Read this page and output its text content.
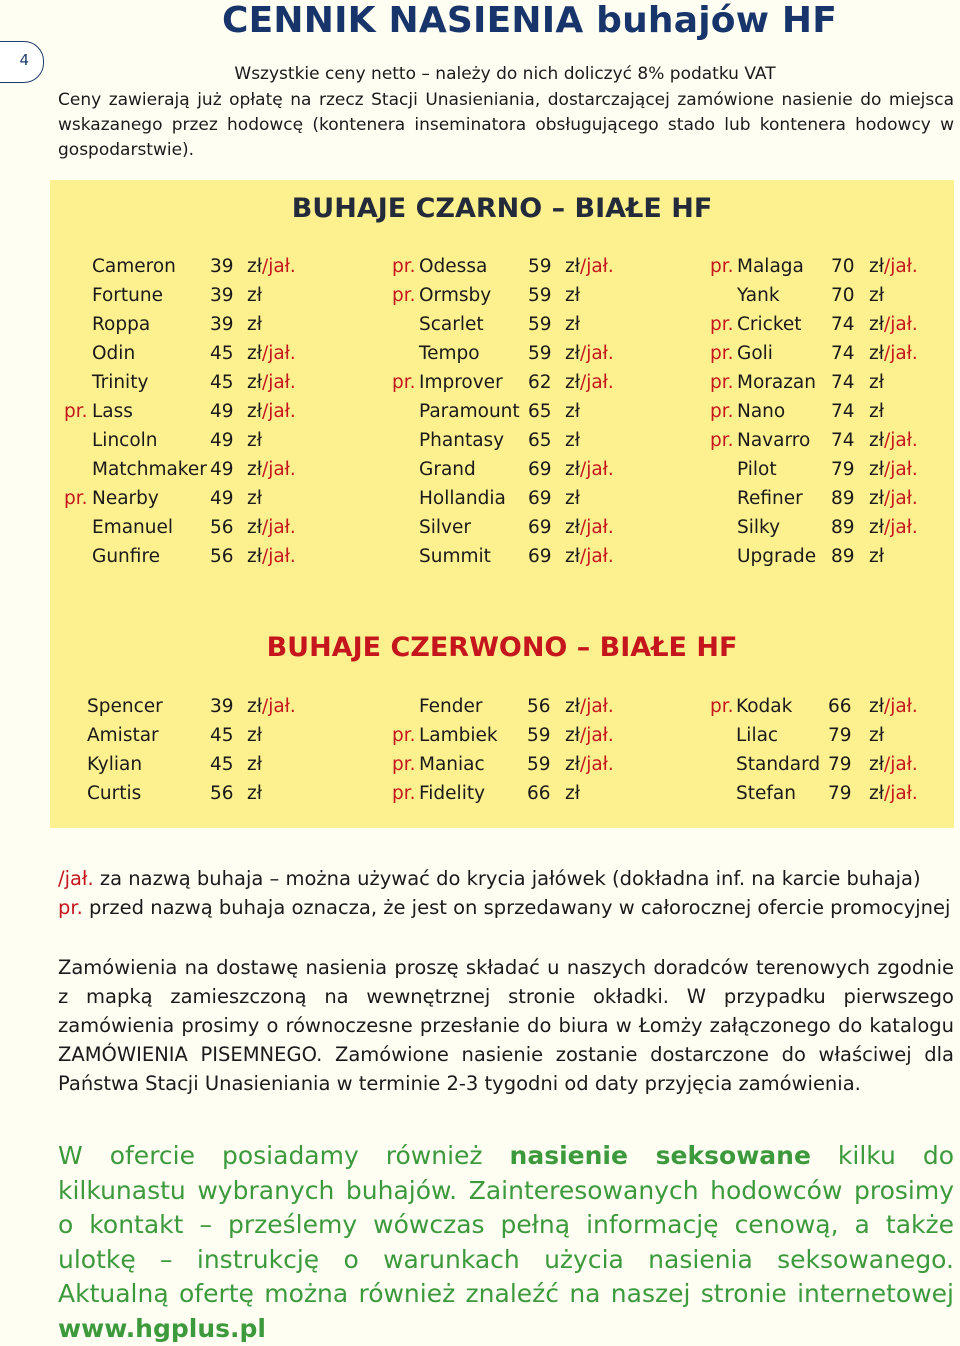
4
CENNIK NASIENIA buhajów HF
Wszystkie ceny netto – należy do nich doliczyć 8% podatku VAT

Ceny zawierają już opłatę na rzecz Stacji Unasieniania, dostarczającej zamówione nasienie do miejsca wskazanego przez hodowcę (kontenera inseminatora obsługującego stado lub kontenera hodowcy w gospodarstwie).

BUHAJE CZARNO – BIAŁE HF
Cameron 39 zł/jał.
Fortune	39 zł
Roppa	39 zł
Odin	45 zł/jał.
Trinity	45 zł/jał.
pr. Lass	49 zł/jał.
Lincoln	49 zł
Matchmaker 49 zł/jał.
pr. Nearby	49 zł
Emanuel 56 zł/jał.
Gunfire	56 zł/jał.
pr. Odessa 59 zł/jał.
pr. Ormsby 59 zł
Scarlet 59 zł
Tempo	59 zł/jał.
pr. Improver 62 zł/jał.
Paramount 65 zł
Phantasy 65 zł
Grand	69 zł/jał.
Hollandia 69 zł
Silver	69 zł/jał.
Summit 69 zł/jał.
pr. Malaga 70 zł/jał.
Yank	70 zł
pr. Cricket 74 zł/jał.
pr. Goli	74 zł/jał.
pr. Morazan 74 zł
pr. Nano 74 zł
pr. Navarro 74 zł/jał.
Pilot	79 zł/jał.
Refiner 89 zł/jał.
Silky	89 zł/jał.
Upgrade 89 zł
BUHAJE CZERWONO – BIAŁE HF
Spencer	39 zł/jał.
Amistar	45 zł
Kylian	45 zł
Curtis	56 zł
Fender 56 zł/jał.
pr. Lambiek 59 zł/jał.
pr. Maniac 59 zł/jał.
pr. Fidelity 66 zł
pr. Kodak 66 zł/jał.
Lilac	79 zł
Standard 79 zł/jał.
Stefan 79 zł/jał.
/jał. za nazwą buhaja – można używać do krycia jałówek (dokładna inf. na karcie buhaja)
pr. przed nazwą buhaja oznacza, że jest on sprzedawany w całorocznej ofercie promocyjnej

Zamówienia na dostawę nasienia proszę składać u naszych doradców terenowych zgodnie z mapką zamieszczoną na wewnętrznej stronie okładki. W przypadku pierwszego zamówienia prosimy o równoczesne przesłanie do biura w Łomży załączonego do katalogu ZAMÓWIENIA PISEMNEGO. Zamówione nasienie zostanie dostarczone do właściwej dla Państwa Stacji Unasieniania w terminie 2-3 tygodni od daty przyjęcia zamówienia.

W ofercie posiadamy również nasienie seksowane kilku do kilkunastu wybranych buhajów. Zainteresowanych hodowców prosimy o kontakt – prześlemy wówczas pełną informację cenową, a także ulotkę – instrukcję o warunkach użycia nasienia seksowanego. Aktualną ofertę można również znaleźć na naszej stronie internetowej www.hgplus.pl
